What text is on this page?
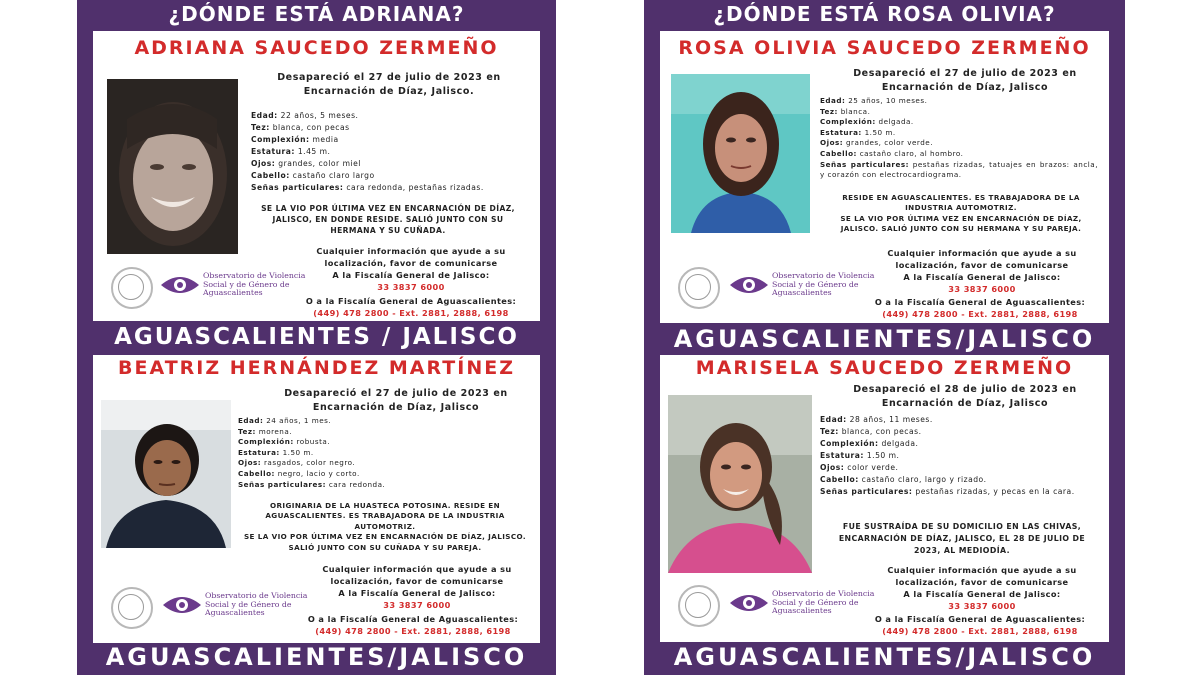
¿DÓNDE ESTÁ ADRIANA?
ADRIANA SAUCEDO ZERMEÑO
Desapareció el 27 de julio de 2023 en
Encarnación de Díaz, Jalisco.
Edad: 22 años, 5 meses.
Tez: blanca, con pecas
Complexión: media
Estatura: 1.45 m.
Ojos: grandes, color miel
Cabello: castaño claro largo
Señas particulares: cara redonda, pestañas rizadas.
SE LA VIO POR ÚLTIMA VEZ EN ENCARNACIÓN DE DÍAZ,
JALISCO, EN DONDE RESIDE. SALIÓ JUNTO CON SU
HERMANA Y SU CUÑADA.
Cualquier información que ayude a su
localización, favor de comunicarse
A la Fiscalía General de Jalisco:
33 3837 6000
O a la Fiscalía General de Aguascalientes:
(449) 478 2800 - Ext. 2881, 2888, 6198
Observatorio de Violencia
Social y de Género de
Aguascalientes
AGUASCALIENTES / JALISCO
¿DÓNDE ESTÁ ROSA OLIVIA?
ROSA OLIVIA SAUCEDO ZERMEÑO
Desapareció el 27 de julio de 2023 en
Encarnación de Díaz, Jalisco
Edad: 25 años, 10 meses.
Tez: blanca.
Complexión: delgada.
Estatura: 1.50 m.
Ojos: grandes, color verde.
Cabello: castaño claro, al hombro.
Señas particulares: pestañas rizadas, tatuajes en brazos: ancla, y corazón con electrocardiograma.
RESIDE EN AGUASCALIENTES. ES TRABAJADORA DE LA
INDUSTRIA AUTOMOTRIZ.
SE LA VIO POR ÚLTIMA VEZ EN ENCARNACIÓN DE DÍAZ,
JALISCO. SALIÓ JUNTO CON SU HERMANA Y SU PAREJA.
Cualquier información que ayude a su
localización, favor de comunicarse
A la Fiscalía General de Jalisco:
33 3837 6000
O a la Fiscalía General de Aguascalientes:
(449) 478 2800 - Ext. 2881, 2888, 6198
Observatorio de Violencia
Social y de Género de
Aguascalientes
AGUASCALIENTES/JALISCO
BEATRIZ HERNÁNDEZ MARTÍNEZ
Desapareció el 27 de julio de 2023 en
Encarnación de Díaz, Jalisco
Edad: 24 años, 1 mes.
Tez: morena.
Complexión: robusta.
Estatura: 1.50 m.
Ojos: rasgados, color negro.
Cabello: negro, lacio y corto.
Señas particulares: cara redonda.
ORIGINARIA DE LA HUASTECA POTOSINA. RESIDE EN
AGUASCALIENTES. ES TRABAJADORA DE LA INDUSTRIA
AUTOMOTRIZ.
SE LA VIO POR ÚLTIMA VEZ EN ENCARNACIÓN DE DÍAZ, JALISCO.
SALIÓ JUNTO CON SU CUÑADA Y SU PAREJA.
Cualquier información que ayude a su
localización, favor de comunicarse
A la Fiscalía General de Jalisco:
33 3837 6000
O a la Fiscalía General de Aguascalientes:
(449) 478 2800 - Ext. 2881, 2888, 6198
Observatorio de Violencia
Social y de Género de
Aguascalientes
AGUASCALIENTES/JALISCO
MARISELA SAUCEDO ZERMEÑO
Desapareció el 28 de julio de 2023 en
Encarnación de Díaz, Jalisco
Edad: 28 años, 11 meses.
Tez: blanca, con pecas.
Complexión: delgada.
Estatura: 1.50 m.
Ojos: color verde.
Cabello: castaño claro, largo y rizado.
Señas particulares: pestañas rizadas, y pecas en la cara.
FUE SUSTRAÍDA DE SU DOMICILIO EN LAS CHIVAS,
ENCARNACIÓN DE DÍAZ, JALISCO, EL 28 DE JULIO DE
2023, AL MEDIODÍA.
Cualquier información que ayude a su
localización, favor de comunicarse
A la Fiscalía General de Jalisco:
33 3837 6000
O a la Fiscalía General de Aguascalientes:
(449) 478 2800 - Ext. 2881, 2888, 6198
Observatorio de Violencia
Social y de Género de
Aguascalientes
AGUASCALIENTES/JALISCO
